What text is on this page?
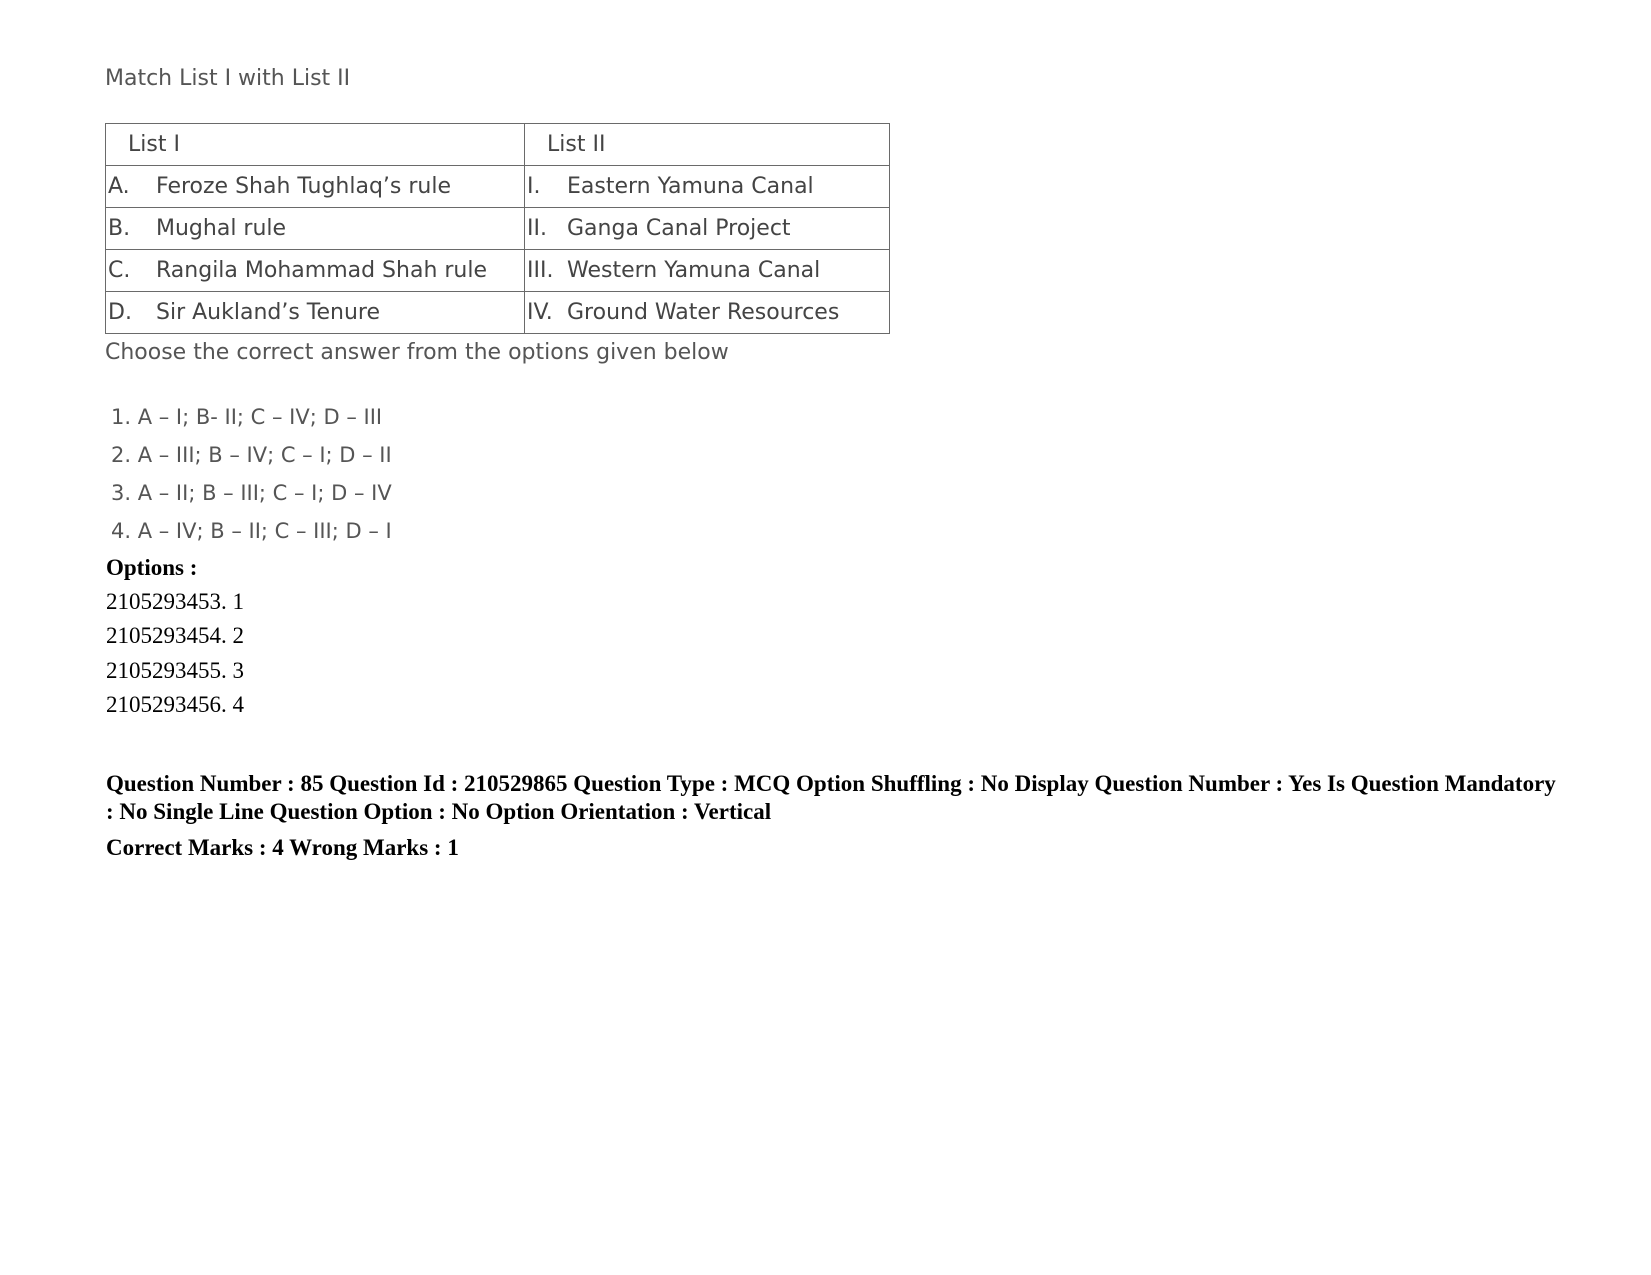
Match List I with List II
List I	List II
A. Feroze Shah Tughlaq’s rule	I. Eastern Yamuna Canal
B. Mughal rule	II. Ganga Canal Project
C. Rangila Mohammad Shah rule	III. Western Yamuna Canal
D. Sir Aukland’s Tenure	IV. Ground Water Resources
Choose the correct answer from the options given below
1. A – I; B- II; C – IV; D – III
2. A – III; B – IV; C – I; D – II
3. A – II; B – III; C – I; D – IV
4. A – IV; B – II; C – III; D – I
Options :
2105293453. 1
2105293454. 2
2105293455. 3
2105293456. 4
Question Number : 85 Question Id : 210529865 Question Type : MCQ Option Shuffling : No Display Question Number : Yes Is Question Mandatory : No Single Line Question Option : No Option Orientation : Vertical
Correct Marks : 4 Wrong Marks : 1
